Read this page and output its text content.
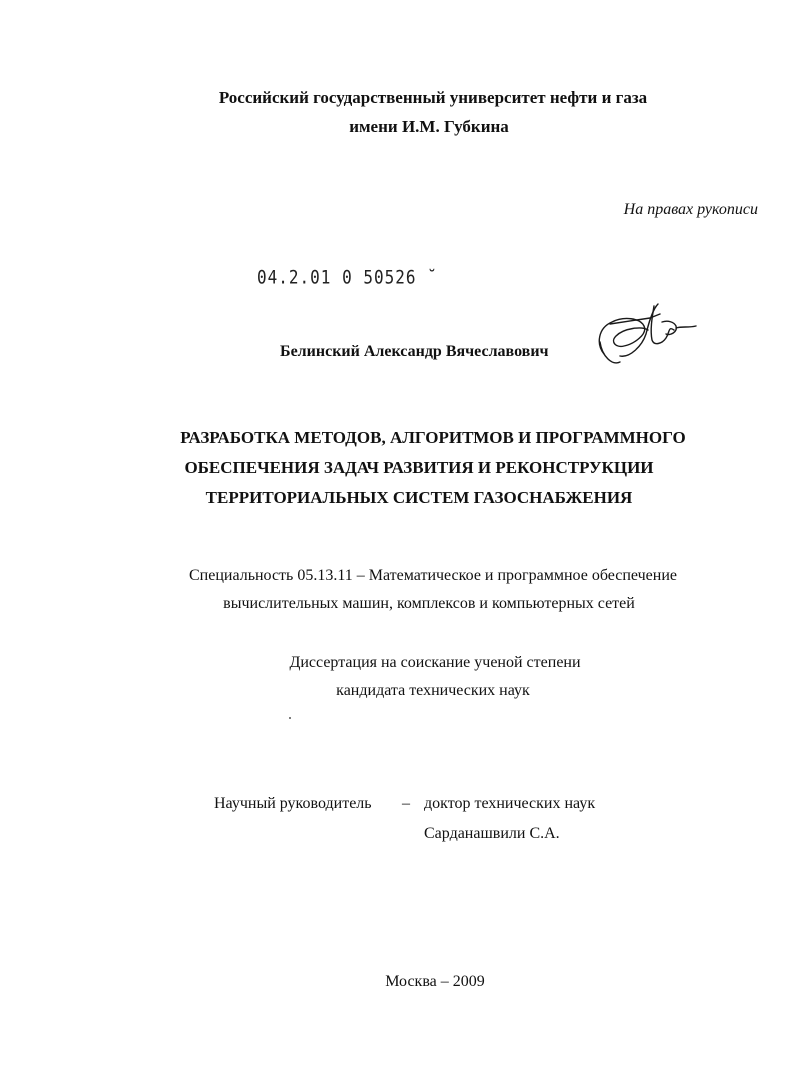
Российский государственный университет нефти и газа
имени И.М. Губкина
На правах рукописи
04.2.01 0 50526 ˘
Белинский Александр Вячеславович
РАЗРАБОТКА МЕТОДОВ, АЛГОРИТМОВ И ПРОГРАММНОГО
ОБЕСПЕЧЕНИЯ ЗАДАЧ РАЗВИТИЯ И РЕКОНСТРУКЦИИ
ТЕРРИТОРИАЛЬНЫХ СИСТЕМ ГАЗОСНАБЖЕНИЯ
Специальность 05.13.11 – Математическое и программное обеспечение
вычислительных машин, комплексов и компьютерных сетей
Диссертация на соискание ученой степени
кандидата технических наук
Научный руководитель – доктор технических наук
Сарданашвили С.А.
Москва – 2009
